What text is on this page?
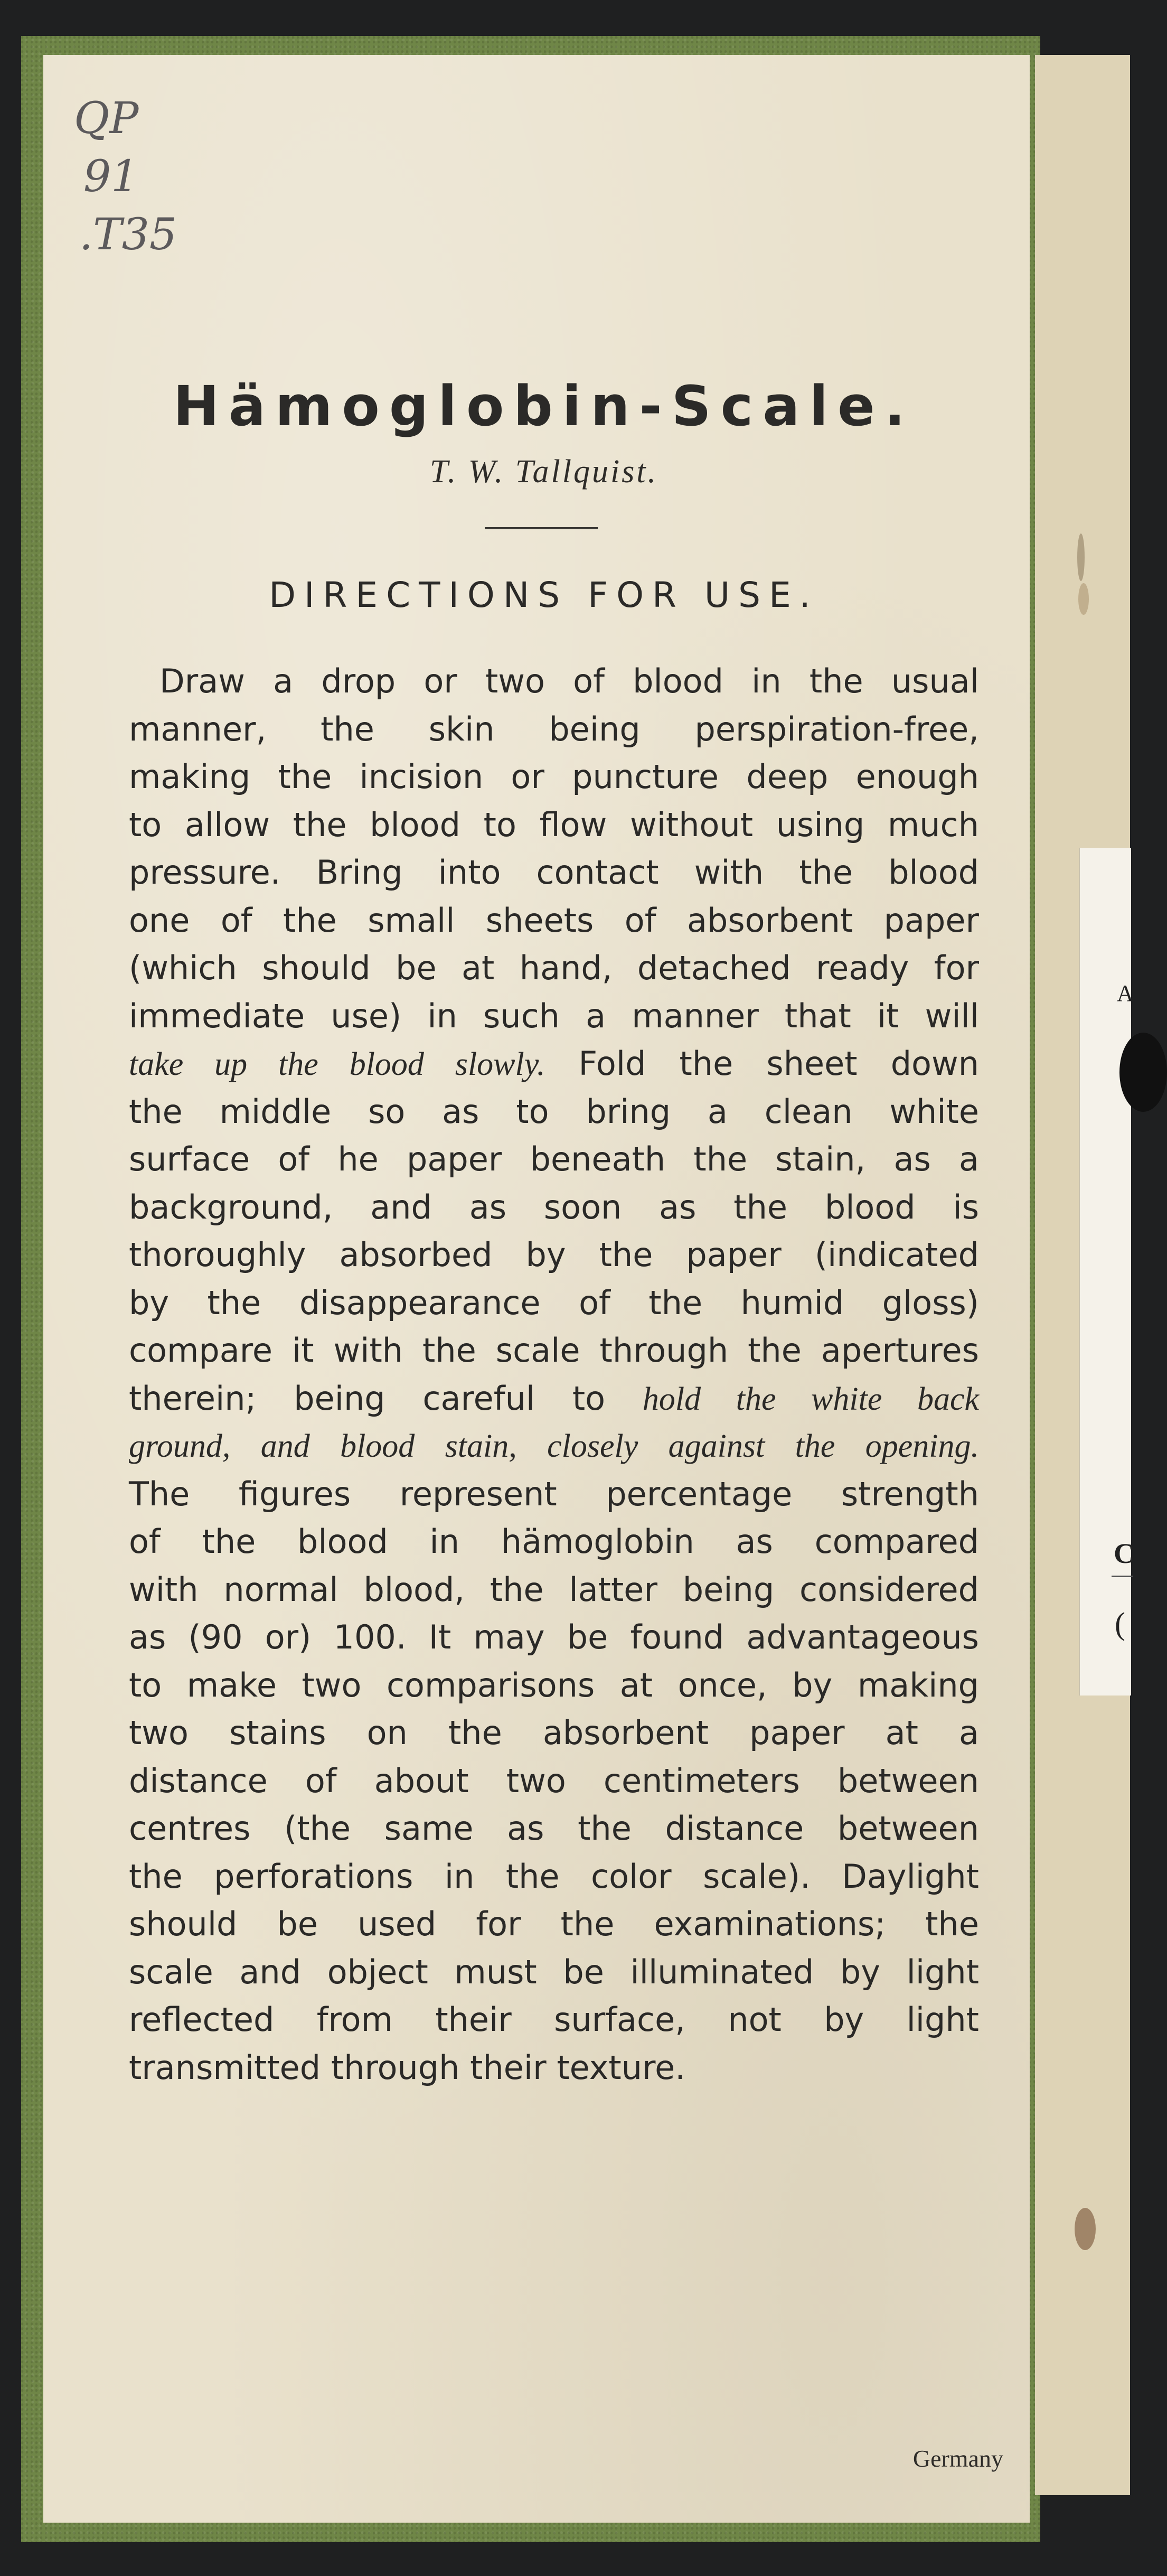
A
C
(
QP
91
.T35
Hämoglobin-Scale.
T. W. Tallquist.
DIRECTIONS FOR USE.
Draw a drop or two of blood in the usual
manner, the skin being perspiration-free,
making the incision or puncture deep enough
to allow the blood to flow without using much
pressure. Bring into contact with the blood
one of the small sheets of absorbent paper
(which should be at hand, detached ready for
immediate use) in such a manner that it will
take up the blood slowly. Fold the sheet down
the middle so as to bring a clean white
surface of he paper beneath the stain, as a
background, and as soon as the blood is
thoroughly absorbed by the paper (indicated
by the disappearance of the humid gloss)
compare it with the scale through the apertures
therein; being careful to hold the white back
ground, and blood stain, closely against the opening.
The figures represent percentage strength
of the blood in hämoglobin as compared
with normal blood, the latter being considered
as (90 or) 100. It may be found advantageous
to make two comparisons at once, by making
two stains on the absorbent paper at a
distance of about two centimeters between
centres (the same as the distance between
the perforations in the color scale). Daylight
should be used for the examinations; the
scale and object must be illuminated by light
reflected from their surface, not by light
transmitted through their texture.
Germany
